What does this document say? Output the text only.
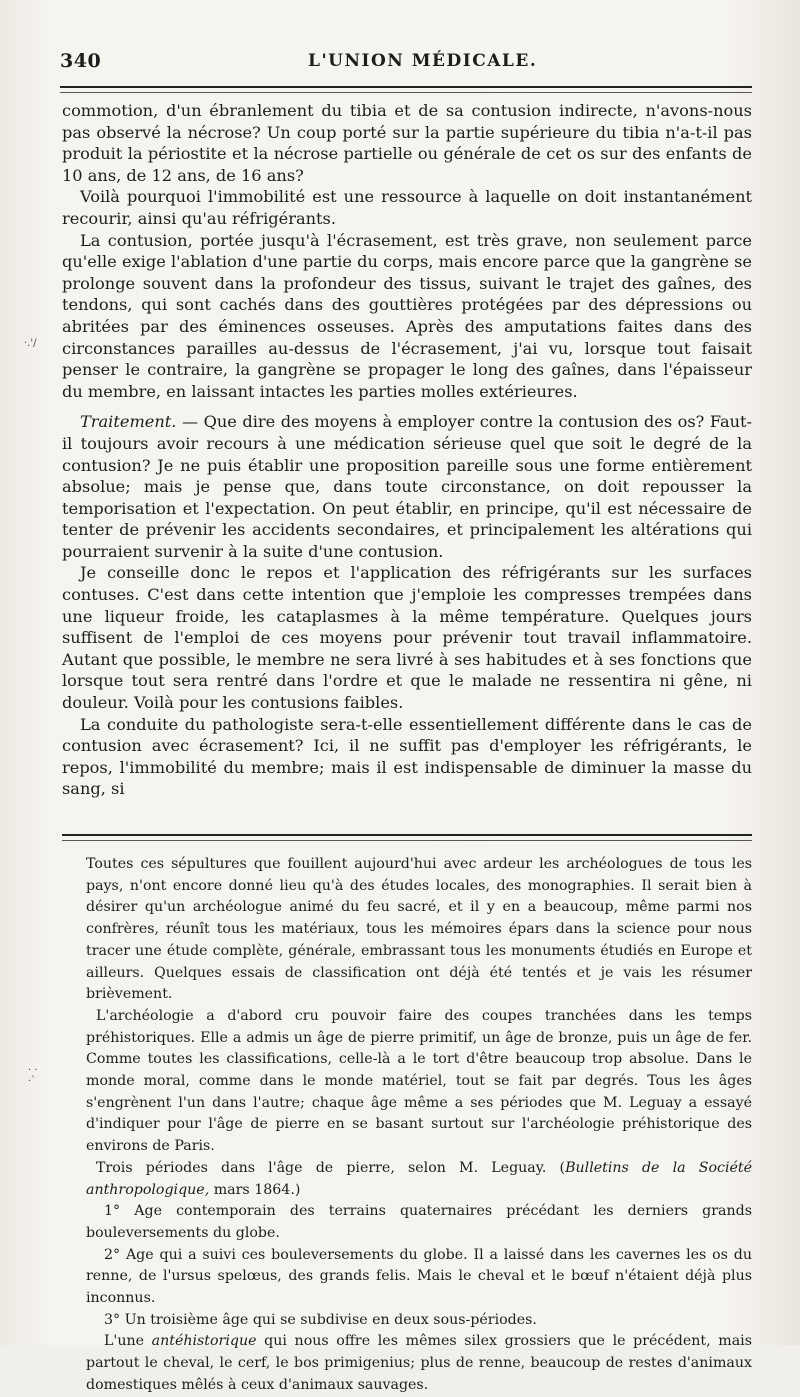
340	L'UNION MÉDICALE.

commotion, d'un ébranlement du tibia et de sa contusion indirecte, n'avons-nous pas observé la nécrose? Un coup porté sur la partie supérieure du tibia n'a-t-il pas produit la périostite et la nécrose partielle ou générale de cet os sur des enfants de 10 ans, de 12 ans, de 16 ans?

Voilà pourquoi l'immobilité est une ressource à laquelle on doit instantanément recourir, ainsi qu'au réfrigérants.

La contusion, portée jusqu'à l'écrasement, est très grave, non seulement parce qu'elle exige l'ablation d'une partie du corps, mais encore parce que la gangrène se prolonge souvent dans la profondeur des tissus, suivant le trajet des gaînes, des tendons, qui sont cachés dans des gouttières protégées par des dépressions ou abritées par des éminences osseuses. Après des amputations faites dans des circonstances parailles au-dessus de l'écrasement, j'ai vu, lorsque tout faisait penser le contraire, la gangrène se propager le long des gaînes, dans l'épaisseur du membre, en laissant intactes les parties molles extérieures.

Traitement. — Que dire des moyens à employer contre la contusion des os? Faut-il toujours avoir recours à une médication sérieuse quel que soit le degré de la contusion? Je ne puis établir une proposition pareille sous une forme entièrement absolue; mais je pense que, dans toute circonstance, on doit repousser la temporisation et l'expectation. On peut établir, en principe, qu'il est nécessaire de tenter de prévenir les accidents secondaires, et principalement les altérations qui pourraient survenir à la suite d'une contusion.

Je conseille donc le repos et l'application des réfrigérants sur les surfaces contuses. C'est dans cette intention que j'emploie les compresses trempées dans une liqueur froide, les cataplasmes à la même température. Quelques jours suffisent de l'emploi de ces moyens pour prévenir tout travail inflammatoire. Autant que possible, le membre ne sera livré à ses habitudes et à ses fonctions que lorsque tout sera rentré dans l'ordre et que le malade ne ressentira ni gêne, ni douleur. Voilà pour les contusions faibles.

La conduite du pathologiste sera-t-elle essentiellement différente dans le cas de contusion avec écrasement? Ici, il ne suffit pas d'employer les réfrigérants, le repos, l'immobilité du membre; mais il est indispensable de diminuer la masse du sang, si

Toutes ces sépultures que fouillent aujourd'hui avec ardeur les archéologues de tous les pays, n'ont encore donné lieu qu'à des études locales, des monographies. Il serait bien à désirer qu'un archéologue animé du feu sacré, et il y en a beaucoup, même parmi nos confrères, réunît tous les matériaux, tous les mémoires épars dans la science pour nous tracer une étude complète, générale, embrassant tous les monuments étudiés en Europe et ailleurs. Quelques essais de classification ont déjà été tentés et je vais les résumer brièvement.

L'archéologie a d'abord cru pouvoir faire des coupes tranchées dans les temps préhistoriques. Elle a admis un âge de pierre primitif, un âge de bronze, puis un âge de fer. Comme toutes les classifications, celle-là a le tort d'être beaucoup trop absolue. Dans le monde moral, comme dans le monde matériel, tout se fait par degrés. Tous les âges s'engrènent l'un dans l'autre; chaque âge même a ses périodes que M. Leguay a essayé d'indiquer pour l'âge de pierre en se basant surtout sur l'archéologie préhistorique des environs de Paris.

Trois périodes dans l'âge de pierre, selon M. Leguay. (Bulletins de la Société anthropologique, mars 1864.)

1° Age contemporain des terrains quaternaires précédant les derniers grands bouleversements du globe.

2° Age qui a suivi ces bouleversements du globe. Il a laissé dans les cavernes les os du renne, de l'ursus spelœus, des grands felis. Mais le cheval et le bœuf n'étaient déjà plus inconnus.

3° Un troisième âge qui se subdivise en deux sous-périodes.

L'une antéhistorique qui nous offre les mêmes silex grossiers que le précédent, mais partout le cheval, le cerf, le bos primigenius; plus de renne, beaucoup de restes d'animaux domestiques mêlés à ceux d'animaux sauvages.

·.'/
· ·
·`
